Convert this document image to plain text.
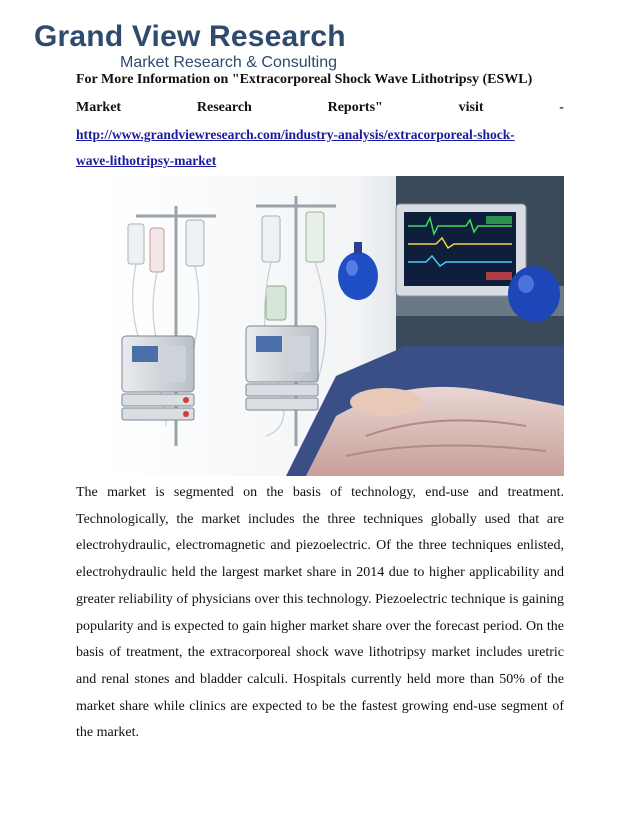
Grand View Research
Market Research & Consulting
For More Information on "Extracorporeal Shock Wave Lithotripsy (ESWL)
Market	Research	Reports"	visit	-
http://www.grandviewresearch.com/industry-analysis/extracorporeal-shock-
wave-lithotripsy-market
The market is segmented on the basis of technology, end-use and treatment. Technologically, the market includes the three techniques globally used that are electrohydraulic, electromagnetic and piezoelectric. Of the three techniques enlisted, electrohydraulic held the largest market share in 2014 due to higher applicability and greater reliability of physicians over this technology. Piezoelectric technique is gaining popularity and is expected to gain higher market share over the forecast period. On the basis of treatment, the extracorporeal shock wave lithotripsy market includes uretric and renal stones and bladder calculi. Hospitals currently held more than 50% of the market share while clinics are expected to be the fastest growing end-use segment of the market.
